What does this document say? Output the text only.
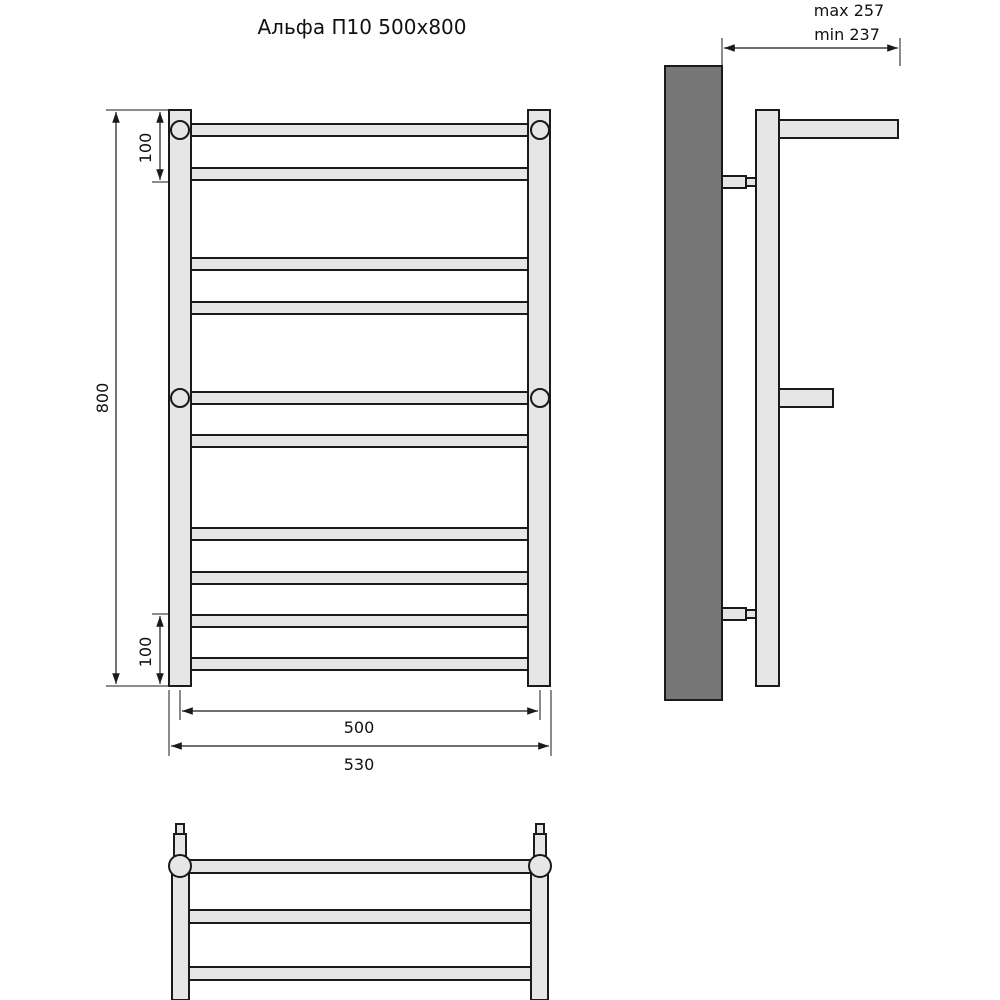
Альфа П10 500х800
800
100
100
500
530
max 257
min 237
